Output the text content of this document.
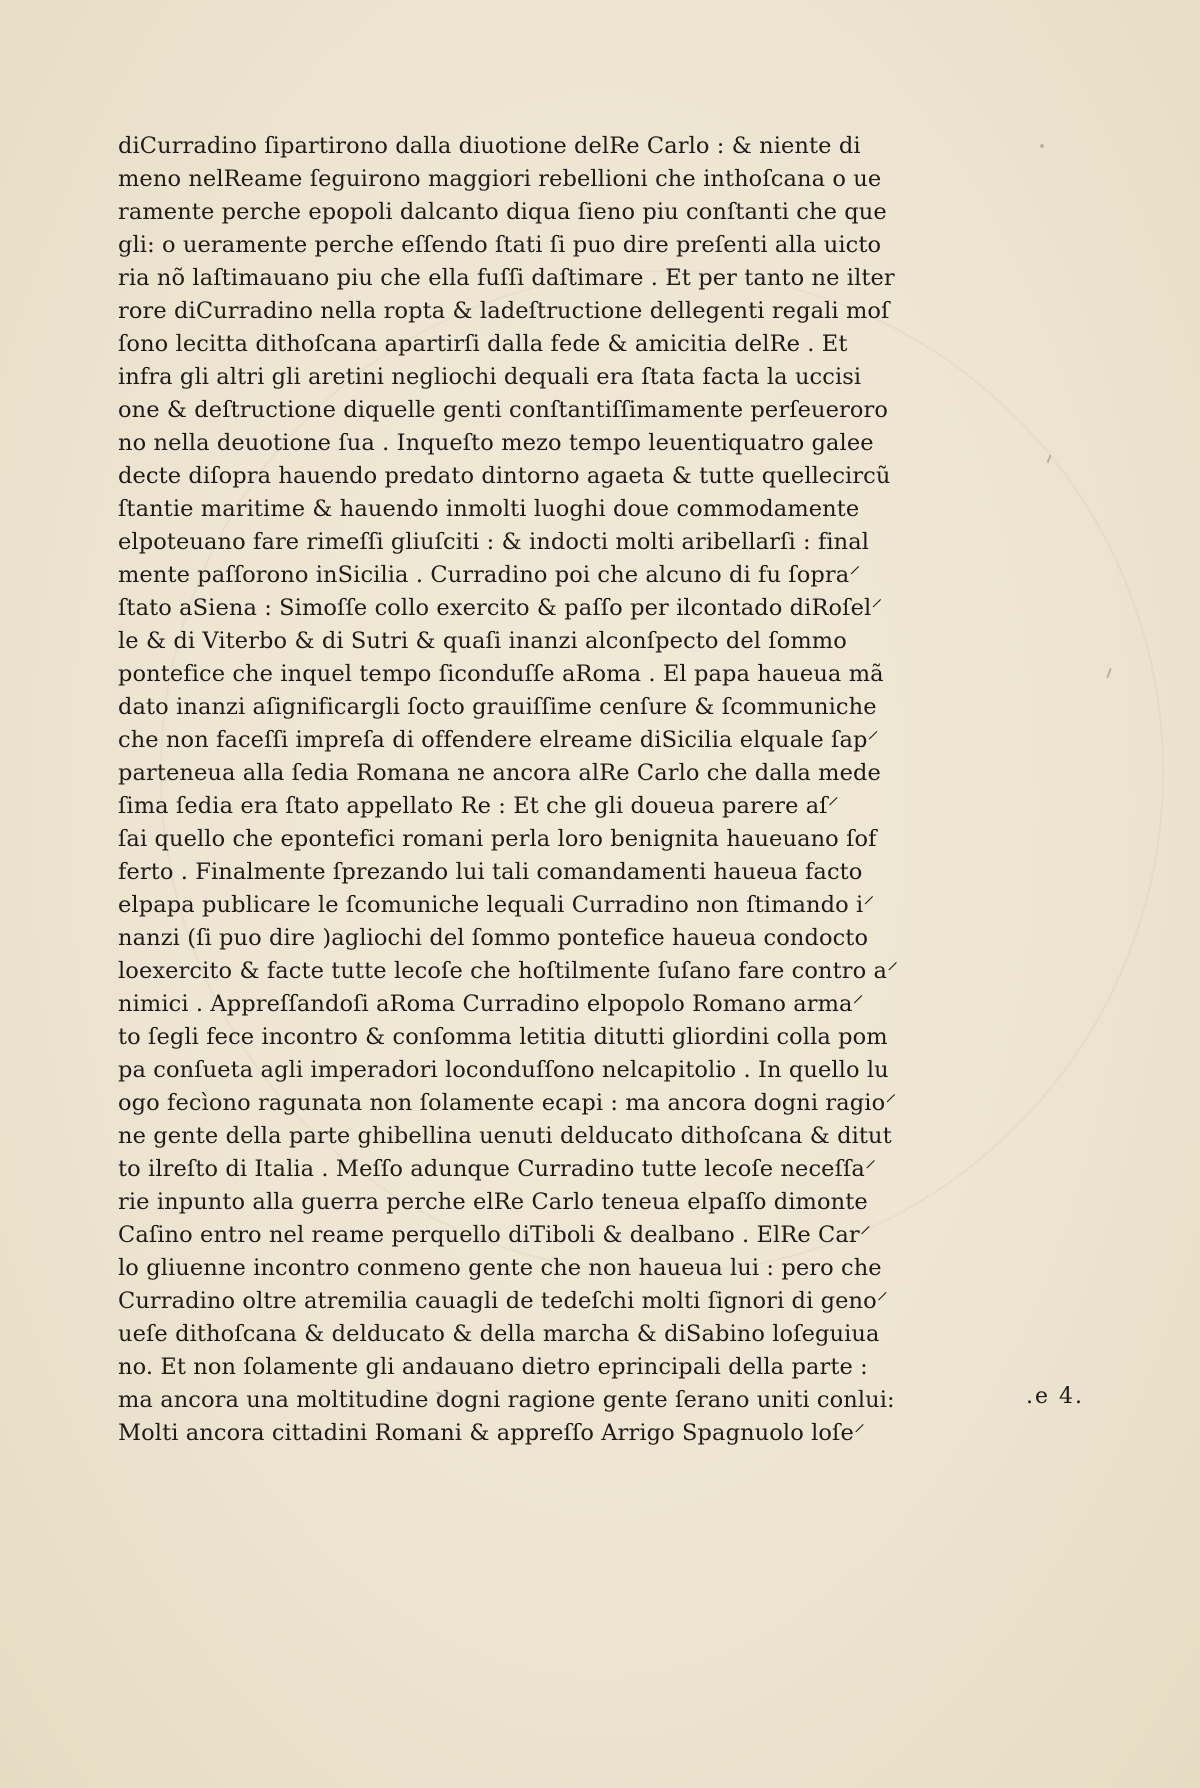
diCurradino ſipartirono dalla diuotione delRe Carlo : & niente di
meno nelReame ſeguirono maggiori rebellioni che inthoſcana o ue
ramente perche epopoli dalcanto diqua ſieno piu conſtanti che que
gli: o ueramente perche eſſendo ſtati ſi puo dire preſenti alla uicto
ria nõ laſtimauano piu che ella fuſſi daſtimare . Et per tanto ne ilter
rore diCurradino nella ropta & ladeſtructione dellegenti regali moſ
ſono lecitta dithoſcana apartirſi dalla fede & amicitia delRe . Et
infra gli altri gli aretini negliochi dequali era ſtata facta la uccisi
one & deſtructione diquelle genti conſtantiſſimamente perſeueroro
no nella deuotione ſua . Inqueſto mezo tempo leuentiquatro galee
decte diſopra hauendo predato dintorno agaeta & tutte quellecircũ
ſtantie maritime & hauendo inmolti luoghi doue commodamente
elpoteuano fare rimeſſi gliuſciti : & indocti molti aribellarſi : final
mente paſſorono inSicilia . Curradino poi che alcuno di fu ſopra⸍
ſtato aSiena : Simoſſe collo exercito & paſſo per ilcontado diRoſel⸍
le & di Viterbo & di Sutri & quaſi inanzi alconſpecto del ſommo
pontefice che inquel tempo ſiconduſſe aRoma . El papa haueua mã
dato inanzi aſignificargli ſocto grauiſſime cenſure & ſcommuniche
che non faceſſi impreſa di offendere elreame diSicilia elquale ſap⸍
parteneua alla ſedia Romana ne ancora alRe Carlo che dalla mede
ſima ſedia era ſtato appellato Re : Et che gli doueua parere aſ⸍
ſai quello che epontefici romani perla loro benignita haueuano ſof
ferto . Finalmente ſprezando lui tali comandamenti haueua facto
elpapa publicare le ſcomuniche lequali Curradino non ſtimando i⸍
nanzi (ſi puo dire )agliochi del ſommo pontefice haueua condocto
loexercito & facte tutte lecoſe che hoſtilmente ſuſano fare contro a⸍
nimici . Appreſſandoſi aRoma Curradino elpopolo Romano arma⸍
to ſegli fece incontro & conſomma letitia ditutti gliordini colla pom
pa conſueta agli imperadori loconduſſono nelcapitolio . In quello lu
ogo fecìono ragunata non ſolamente ecapi : ma ancora dogni ragio⸍
ne gente della parte ghibellina uenuti delducato dithoſcana & ditut
to ilreſto di Italia . Meſſo adunque Curradino tutte lecoſe neceſſa⸍
rie inpunto alla guerra perche elRe Carlo teneua elpaſſo dimonte
Caſino entro nel reame perquello diTiboli & dealbano . ElRe Car⸍
lo gliuenne incontro conmeno gente che non haueua lui : pero che
Curradino oltre atremilia cauagli de tedeſchi molti ſignori di geno⸍
ueſe dithoſcana & delducato & della marcha & diSabino loſeguiua
no. Et non ſolamente gli andauano dietro eprincipali della parte :
ma ancora una moltitudine dogni ragione gente ſerano uniti conlui:
Molti ancora cittadini Romani & appreſſo Arrigo Spagnuolo loſe⸍
.e 4.
